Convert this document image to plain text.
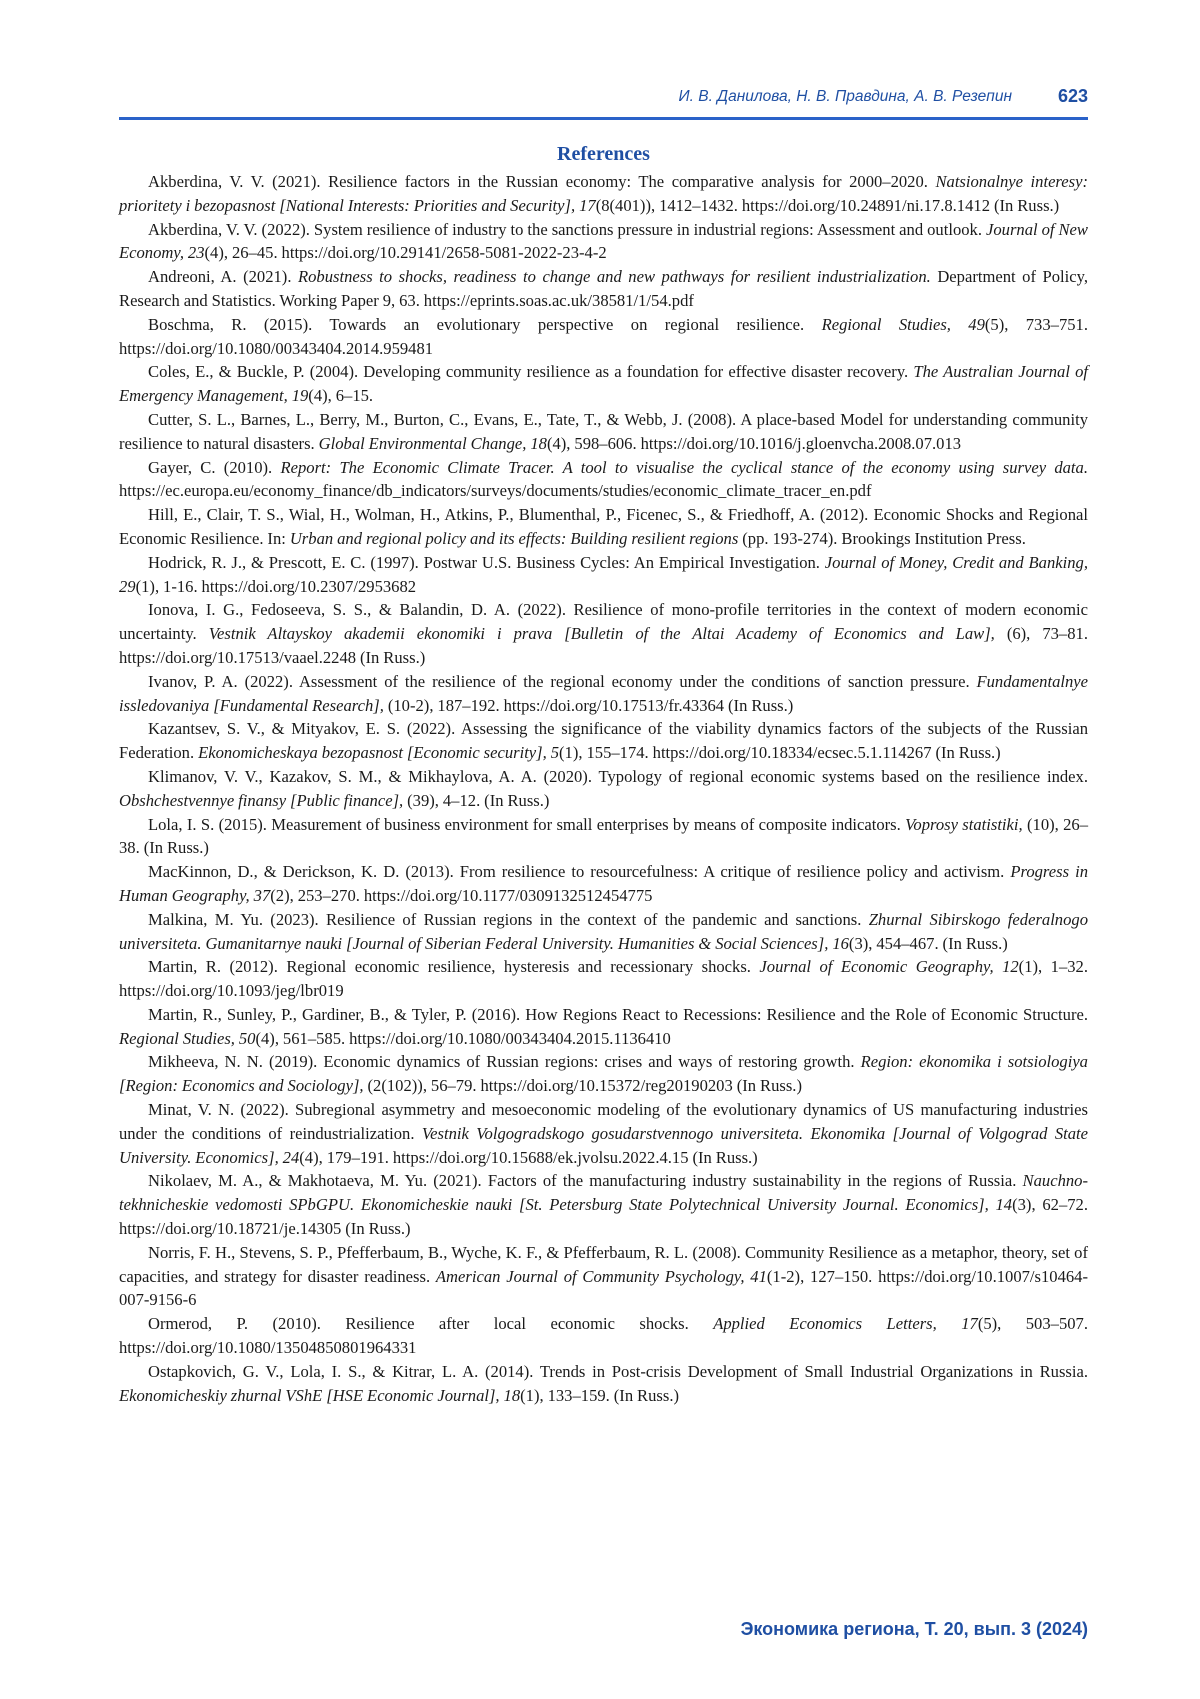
И. В. Данилова, Н. В. Правдина, А. В. Резепин	623
References
Akberdina, V. V. (2021). Resilience factors in the Russian economy: The comparative analysis for 2000–2020. Natsionalnye interesy: prioritety i bezopasnost [National Interests: Priorities and Security], 17(8(401)), 1412–1432. https://doi.org/10.24891/ni.17.8.1412 (In Russ.)
Akberdina, V. V. (2022). System resilience of industry to the sanctions pressure in industrial regions: Assessment and outlook. Journal of New Economy, 23(4), 26–45. https://doi.org/10.29141/2658-5081-2022-23-4-2
Andreoni, A. (2021). Robustness to shocks, readiness to change and new pathways for resilient industrialization. Department of Policy, Research and Statistics. Working Paper 9, 63. https://eprints.soas.ac.uk/38581/1/54.pdf
Boschma, R. (2015). Towards an evolutionary perspective on regional resilience. Regional Studies, 49(5), 733–751. https://doi.org/10.1080/00343404.2014.959481
Coles, E., & Buckle, P. (2004). Developing community resilience as a foundation for effective disaster recovery. The Australian Journal of Emergency Management, 19(4), 6–15.
Cutter, S. L., Barnes, L., Berry, M., Burton, C., Evans, E., Tate, T., & Webb, J. (2008). A place-based Model for understanding community resilience to natural disasters. Global Environmental Change, 18(4), 598–606. https://doi.org/10.1016/j.gloenvcha.2008.07.013
Gayer, C. (2010). Report: The Economic Climate Tracer. A tool to visualise the cyclical stance of the economy using survey data. https://ec.europa.eu/economy_finance/db_indicators/surveys/documents/studies/economic_climate_tracer_en.pdf
Hill, E., Clair, T. S., Wial, H., Wolman, H., Atkins, P., Blumenthal, P., Ficenec, S., & Friedhoff, A. (2012). Economic Shocks and Regional Economic Resilience. In: Urban and regional policy and its effects: Building resilient regions (pp. 193-274). Brookings Institution Press.
Hodrick, R. J., & Prescott, E. C. (1997). Postwar U.S. Business Cycles: An Empirical Investigation. Journal of Money, Credit and Banking, 29(1), 1-16. https://doi.org/10.2307/2953682
Ionova, I. G., Fedoseeva, S. S., & Balandin, D. A. (2022). Resilience of mono-profile territories in the context of modern economic uncertainty. Vestnik Altayskoy akademii ekonomiki i prava [Bulletin of the Altai Academy of Economics and Law], (6), 73–81. https://doi.org/10.17513/vaael.2248 (In Russ.)
Ivanov, P. A. (2022). Assessment of the resilience of the regional economy under the conditions of sanction pressure. Fundamentalnye issledovaniya [Fundamental Research], (10-2), 187–192. https://doi.org/10.17513/fr.43364 (In Russ.)
Kazantsev, S. V., & Mityakov, E. S. (2022). Assessing the significance of the viability dynamics factors of the subjects of the Russian Federation. Ekonomicheskaya bezopasnost [Economic security], 5(1), 155–174. https://doi.org/10.18334/ecsec.5.1.114267 (In Russ.)
Klimanov, V. V., Kazakov, S. M., & Mikhaylova, A. A. (2020). Typology of regional economic systems based on the resilience index. Obshchestvennye finansy [Public finance], (39), 4–12. (In Russ.)
Lola, I. S. (2015). Measurement of business environment for small enterprises by means of composite indicators. Voprosy statistiki, (10), 26–38. (In Russ.)
MacKinnon, D., & Derickson, K. D. (2013). From resilience to resourcefulness: A critique of resilience policy and activism. Progress in Human Geography, 37(2), 253–270. https://doi.org/10.1177/0309132512454775
Malkina, M. Yu. (2023). Resilience of Russian regions in the context of the pandemic and sanctions. Zhurnal Sibirskogo federalnogo universiteta. Gumanitarnye nauki [Journal of Siberian Federal University. Humanities & Social Sciences], 16(3), 454–467. (In Russ.)
Martin, R. (2012). Regional economic resilience, hysteresis and recessionary shocks. Journal of Economic Geography, 12(1), 1–32. https://doi.org/10.1093/jeg/lbr019
Martin, R., Sunley, P., Gardiner, B., & Tyler, P. (2016). How Regions React to Recessions: Resilience and the Role of Economic Structure. Regional Studies, 50(4), 561–585. https://doi.org/10.1080/00343404.2015.1136410
Mikheeva, N. N. (2019). Economic dynamics of Russian regions: crises and ways of restoring growth. Region: ekonomika i sotsiologiya [Region: Economics and Sociology], (2(102)), 56–79. https://doi.org/10.15372/reg20190203 (In Russ.)
Minat, V. N. (2022). Subregional asymmetry and mesoeconomic modeling of the evolutionary dynamics of US manufacturing industries under the conditions of reindustrialization. Vestnik Volgogradskogo gosudarstvennogo universiteta. Ekonomika [Journal of Volgograd State University. Economics], 24(4), 179–191. https://doi.org/10.15688/ek.jvolsu.2022.4.15 (In Russ.)
Nikolaev, M. A., & Makhotaeva, M. Yu. (2021). Factors of the manufacturing industry sustainability in the regions of Russia. Nauchno-tekhnicheskie vedomosti SPbGPU. Ekonomicheskie nauki [St. Petersburg State Polytechnical University Journal. Economics], 14(3), 62–72. https://doi.org/10.18721/je.14305 (In Russ.)
Norris, F. H., Stevens, S. P., Pfefferbaum, B., Wyche, K. F., & Pfefferbaum, R. L. (2008). Community Resilience as a metaphor, theory, set of capacities, and strategy for disaster readiness. American Journal of Community Psychology, 41(1-2), 127–150. https://doi.org/10.1007/s10464-007-9156-6
Ormerod, P. (2010). Resilience after local economic shocks. Applied Economics Letters, 17(5), 503–507. https://doi.org/10.1080/13504850801964331
Ostapkovich, G. V., Lola, I. S., & Kitrar, L. A. (2014). Trends in Post-crisis Development of Small Industrial Organizations in Russia. Ekonomicheskiy zhurnal VShE [HSE Economic Journal], 18(1), 133–159. (In Russ.)
Экономика региона, Т. 20, вып. 3 (2024)
